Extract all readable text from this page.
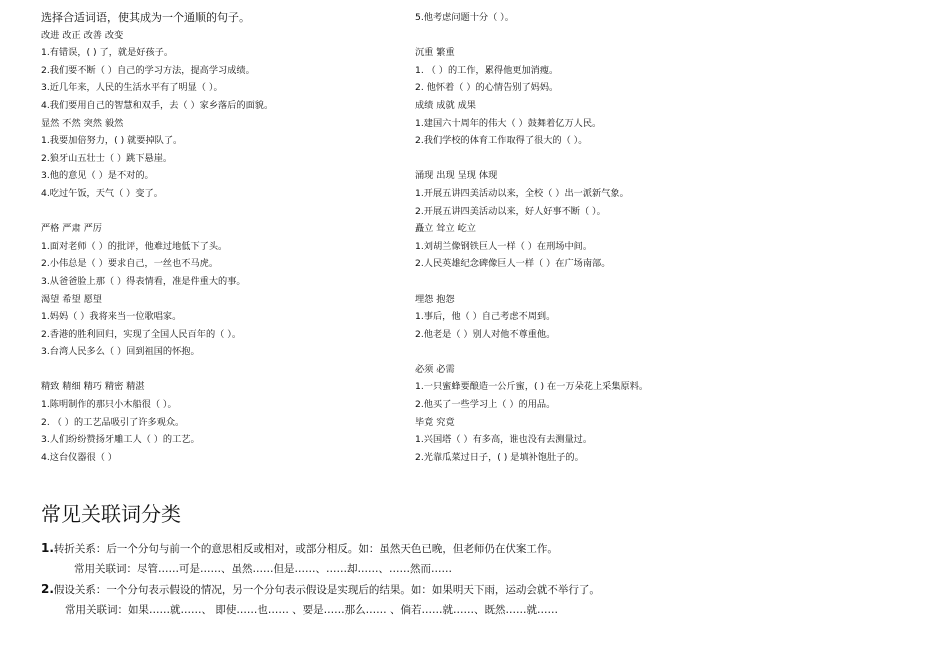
选择合适词语，使其成为一个通顺的句子。
改进 改正 改善 改变
1.有错误，( ) 了，就是好孩子。
2.我们要不断（ ）自己的学习方法，提高学习成绩。
3.近几年来，人民的生活水平有了明显（ ）。
4.我们要用自己的智慧和双手，去（ ）家乡落后的面貌。
显然 不然 突然 毅然
1.我要加倍努力，( ) 就要掉队了。
2.狼牙山五壮士（ ）跳下悬崖。
3.他的意见（ ）是不对的。
4.吃过午饭，天气（ ）变了。
严格 严肃 严厉
1.面对老师（ ）的批评，他难过地低下了头。
2.小伟总是（ ）要求自己，一丝也不马虎。
3.从爸爸脸上那（ ）得表情看，准是件重大的事。
渴望 希望 愿望
1.妈妈（ ）我将来当一位歌唱家。
2.香港的胜利回归，实现了全国人民百年的（ ）。
3.台湾人民多么（ ）回到祖国的怀抱。
精致 精细 精巧 精密 精湛
1.陈明制作的那只小木船很（ ）。
2. （ ）的工艺品吸引了许多观众。
3.人们纷纷赞扬牙雕工人（ ）的工艺。
4.这台仪器很（ ）
5.他考虑问题十分（ ）。
沉重 繁重
1. （ ）的工作，累得他更加消瘦。
2. 他怀着（ ）的心情告别了妈妈。
成绩 成就 成果
1.建国六十周年的伟大（ ）鼓舞着亿万人民。
2.我们学校的体育工作取得了很大的（ ）。
涌现 出现 呈现 体现
1.开展五讲四美活动以来，全校（ ）出一派新气象。
2.开展五讲四美活动以来，好人好事不断（ ）。
矗立 耸立 屹立
1.刘胡兰像钢铁巨人一样（ ）在刑场中间。
2.人民英雄纪念碑像巨人一样（ ）在广场南部。
埋怨 抱怨
1.事后，他（ ）自己考虑不周到。
2.他老是（ ）别人对他不尊重他。
必须 必需
1.一只蜜蜂要酿造一公斤蜜，( ) 在一万朵花上采集原料。
2.他买了一些学习上（ ）的用品。
毕竟 究竟
1.兴国塔（ ）有多高，谁也没有去测量过。
2.光靠瓜菜过日子，( ) 是填补饱肚子的。
常见关联词分类
1.转折关系：后一个分句与前一个的意思相反或相对，或部分相反。如：虽然天色已晚，但老师仍在伏案工作。
常用关联词：尽管……可是……、虽然……但是……、……却……、……然而……
2.假设关系：一个分句表示假设的情况，另一个分句表示假设是实现后的结果。如：如果明天下雨，运动会就不举行了。
常用关联词：如果……就……、 即使……也…… 、要是……那么…… 、倘若……就……、既然……就……
